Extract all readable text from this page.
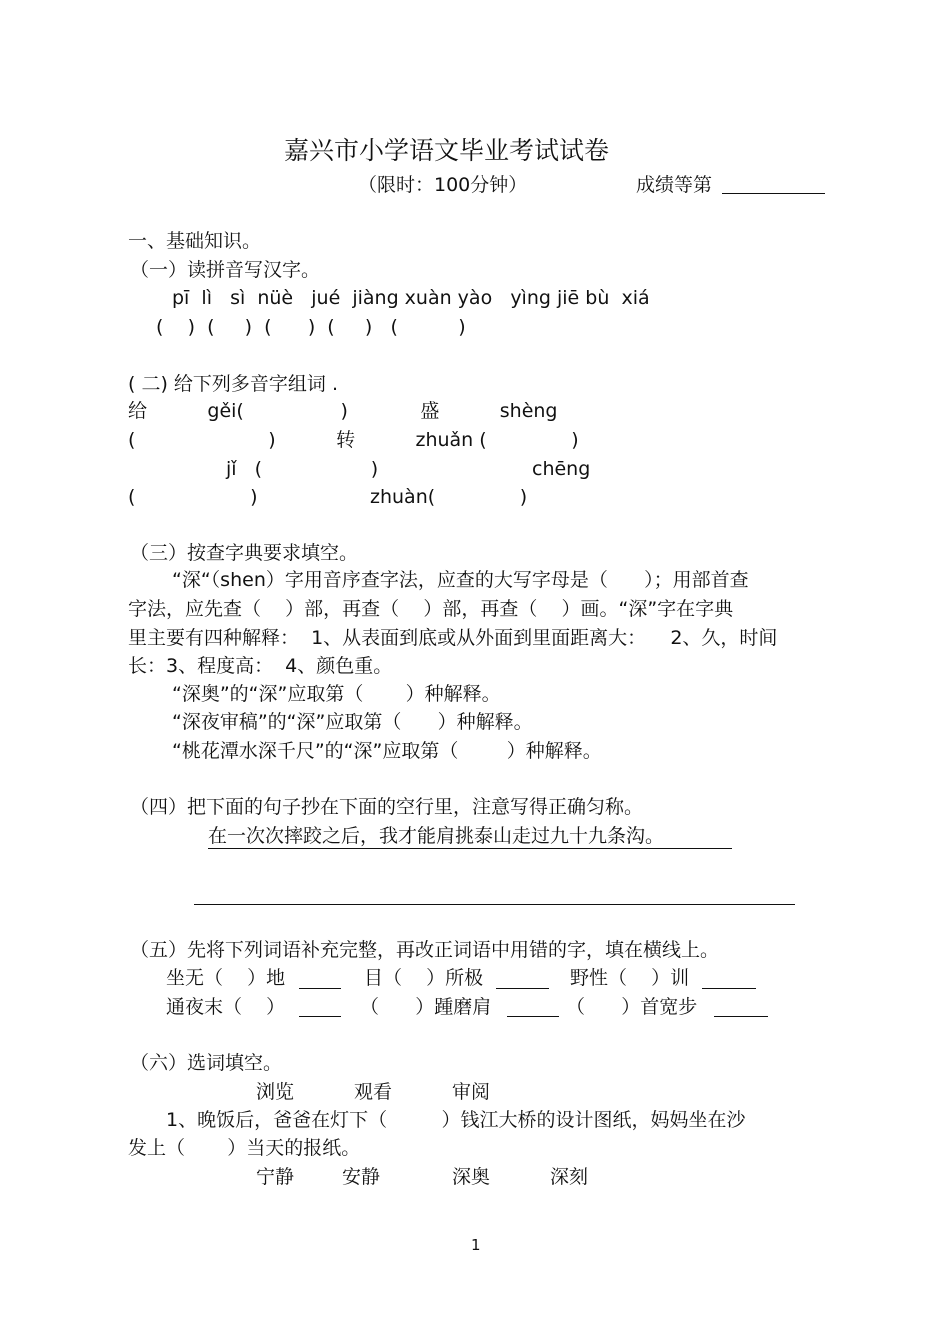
嘉兴市小学语文毕业考试试卷
（限时：100分钟）	成绩等第
一、基础知识。
（一）读拼音写汉字。
pī  lì   sì  nüè   jué  jiàng xuàn yào   yìng jiē bù  xiá
(    )  (     )  (      )  (     )   (          )
( 二) 给下列多音字组词 .
给          gěi(                )            盛          shèng
(                      )          转          zhuǎn (              )
jǐ   (                  )	chēng
(                   )	zhuàn(              )
（三）按查字典要求填空。
“深“（shen）字用音序查字法，应查的大写字母是（      ）；用部首查
字法，应先查（    ）部，再查（    ）部，再查（    ）画。“深”字在字典
里主要有四种解释：  1、从表面到底或从外面到里面距离大：    2、久，时间
长：3、程度高：  4、颜色重。
“深奥”的“深”应取第（       ）种解释。
“深夜审稿”的“深”应取第（      ）种解释。
“桃花潭水深千尺”的“深”应取第（        ）种解释。
（四）把下面的句子抄在下面的空行里，注意写得正确匀称。
在一次次摔跤之后，我才能肩挑泰山走过九十九条沟。
（五）先将下列词语补充完整，再改正词语中用错的字，填在横线上。
坐无（    ）地	目（    ）所极	野性（    ）训
通夜末（    ）	（      ）踵磨肩	（      ）首宽步
（六）选词填空。
浏览	观看	审阅
1、晚饭后，爸爸在灯下（         ）钱江大桥的设计图纸，妈妈坐在沙
发上（       ）当天的报纸。
宁静	安静	深奥	深刻
1
